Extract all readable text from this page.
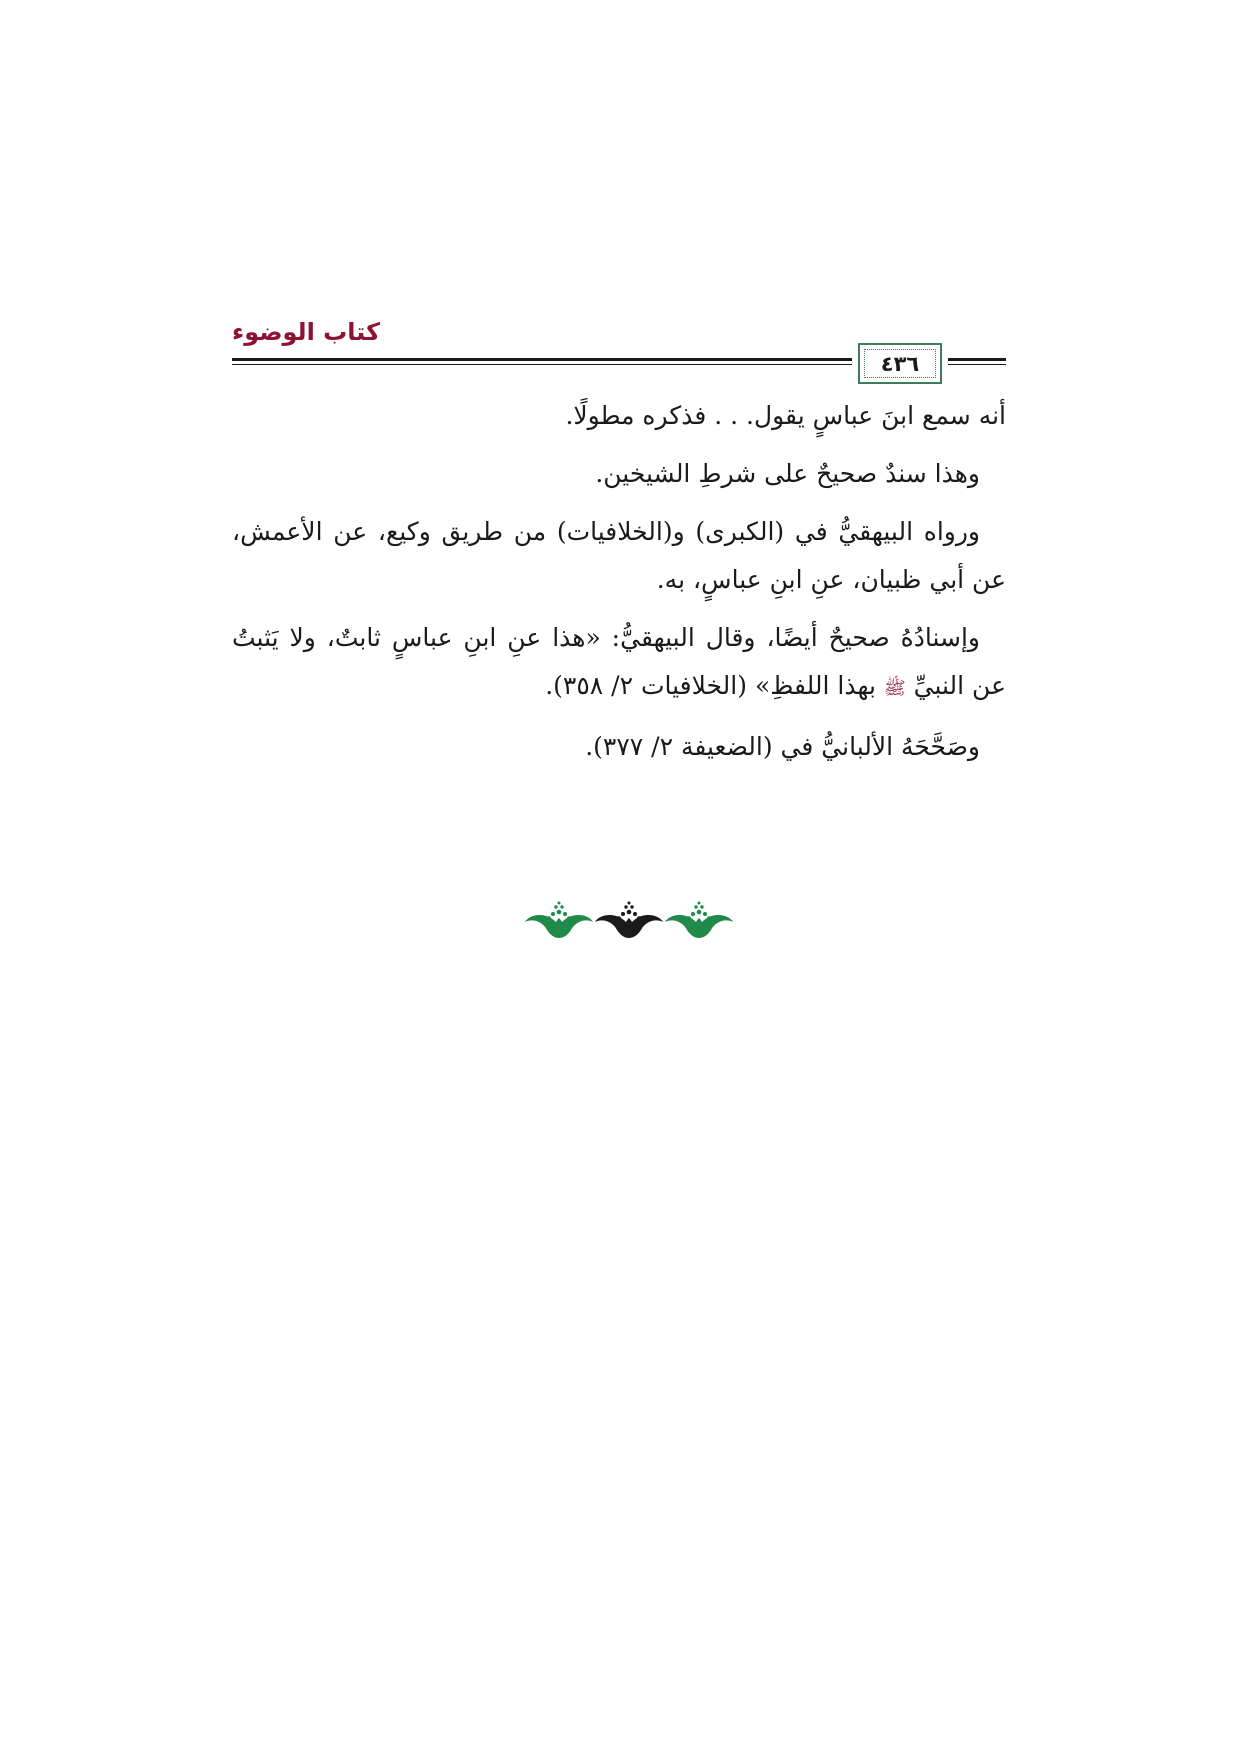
كتاب الوضوء
٤٣٦

أنه سمع ابنَ عباسٍ يقول. . . فذكره مطولًا.

وهذا سندٌ صحيحٌ على شرطِ الشيخين.

ورواه البيهقيُّ في (الكبرى) و(الخلافيات) من طريق وكيع، عن الأعمش، عن أبي ظبيان، عنِ ابنِ عباسٍ، به.

وإسنادُهُ صحيحٌ أيضًا، وقال البيهقيُّ: «هذا عنِ ابنِ عباسٍ ثابتٌ، ولا يَثبتُ عن النبيِّ ﷺ بهذا اللفظِ» (الخلافيات ٢/ ٣٥٨).

وصَحَّحَهُ الألبانيُّ في (الضعيفة ٢/ ٣٧٧).
